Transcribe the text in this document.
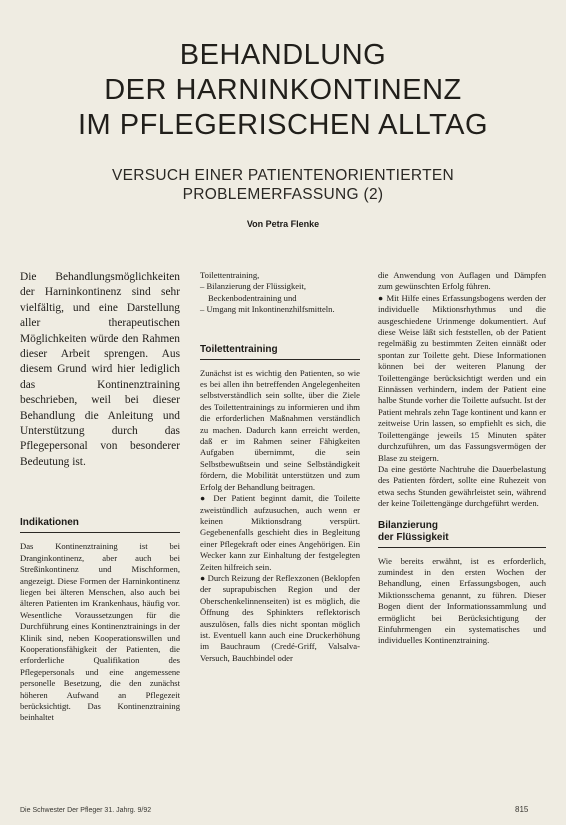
BEHANDLUNG
DER HARNINKONTINENZ
IM PFLEGERISCHEN ALLTAG
VERSUCH EINER PATIENTENORIENTIERTEN
PROBLEMERFASSUNG (2)
Von Petra Flenke

Die Behandlungsmöglichkeiten der Harninkontinenz sind sehr vielfältig, und eine Darstellung aller therapeutischen Möglichkeiten würde den Rahmen dieser Arbeit sprengen. Aus diesem Grund wird hier lediglich das Kontinenztraining beschrieben, weil bei dieser Behandlung die Anleitung und Unterstützung durch das Pflegepersonal von besonderer Bedeutung ist.

Indikationen

Das Kontinenztraining ist bei Dranginkontinenz, aber auch bei Streßinkontinenz und Mischformen, angezeigt. Diese Formen der Harninkontinenz liegen bei älteren Menschen, also auch bei älteren Patienten im Krankenhaus, häufig vor. Wesentliche Voraussetzungen für die Durchführung eines Kontinenztrainings in der Klinik sind, neben Kooperationswillen und Kooperationsfähigkeit der Patienten, die erforderliche Qualifikation des Pflegepersonals und eine angemessene personelle Besetzung, die den zunächst höheren Aufwand an Pflegezeit berücksichtigt. Das Kontinenztraining beinhaltet

Toilettentraining,
– Bilanzierung der Flüssigkeit, Beckenbodentraining und
– Umgang mit Inkontinenzhilfsmitteln.
Toilettentraining

Zunächst ist es wichtig den Patienten, so wie es bei allen ihn betreffenden Angelegenheiten selbstverständlich sein sollte, über die Ziele des Toilettentrainings zu informieren und ihm die erforderlichen Maßnahmen verständlich zu machen. Dadurch kann erreicht werden, daß er im Rahmen seiner Fähigkeiten Aufgaben übernimmt, die sein Selbstbewußtsein und seine Selbständigkeit fördern, die Mobilität unterstützen und zum Erfolg der Behandlung beitragen.

● Der Patient beginnt damit, die Toilette zweistündlich aufzusuchen, auch wenn er keinen Miktionsdrang verspürt. Gegebenenfalls geschieht dies in Begleitung einer Pflegekraft oder eines Angehörigen. Ein Wecker kann zur Einhaltung der festgelegten Zeiten hilfreich sein.

● Durch Reizung der Reflexzonen (Beklopfen der suprapubischen Region und der Oberschenkelinnenseiten) ist es möglich, die Öffnung des Sphinkters reflektorisch auszulösen, falls dies nicht spontan möglich ist. Eventuell kann auch eine Druckerhöhung im Bauchraum (Credé-Griff, Valsalva-Versuch, Bauchbindel oder

die Anwendung von Auflagen und Dämpfen zum gewünschten Erfolg führen.

● Mit Hilfe eines Erfassungsbogens werden der individuelle Miktionsrhythmus und die ausgeschiedene Urinmenge dokumentiert. Auf diese Weise läßt sich feststellen, ob der Patient regelmäßig zu bestimmten Zeiten einnäßt oder spontan zur Toilette geht. Diese Informationen können bei der weiteren Planung der Toilettengänge berücksichtigt werden und ein Einnässen verhindern, indem der Patient eine halbe Stunde vorher die Toilette aufsucht. Ist der Patient mehrals zehn Tage kontinent und kann er zeitweise Urin lassen, so empfiehlt es sich, die Toilettengänge jeweils 15 Minuten später durchzuführen, um das Fassungsvermögen der Blase zu steigern.

Da eine gestörte Nachtruhe die Dauerbelastung des Patienten fördert, sollte eine Ruhezeit von etwa sechs Stunden gewährleistet sein, während der keine Toilettengänge durchgeführt werden.

Bilanzierung
der Flüssigkeit

Wie bereits erwähnt, ist es erforderlich, zumindest in den ersten Wochen der Behandlung, einen Erfassungsbogen, auch Miktionsschema genannt, zu führen. Dieser Bogen dient der Informationssammlung und ermöglicht bei Berücksichtigung der Einfuhrmengen ein systematisches und individuelles Kontinenztraining.

Die Schwester Der Pfleger 31. Jahrg. 9/92	815
